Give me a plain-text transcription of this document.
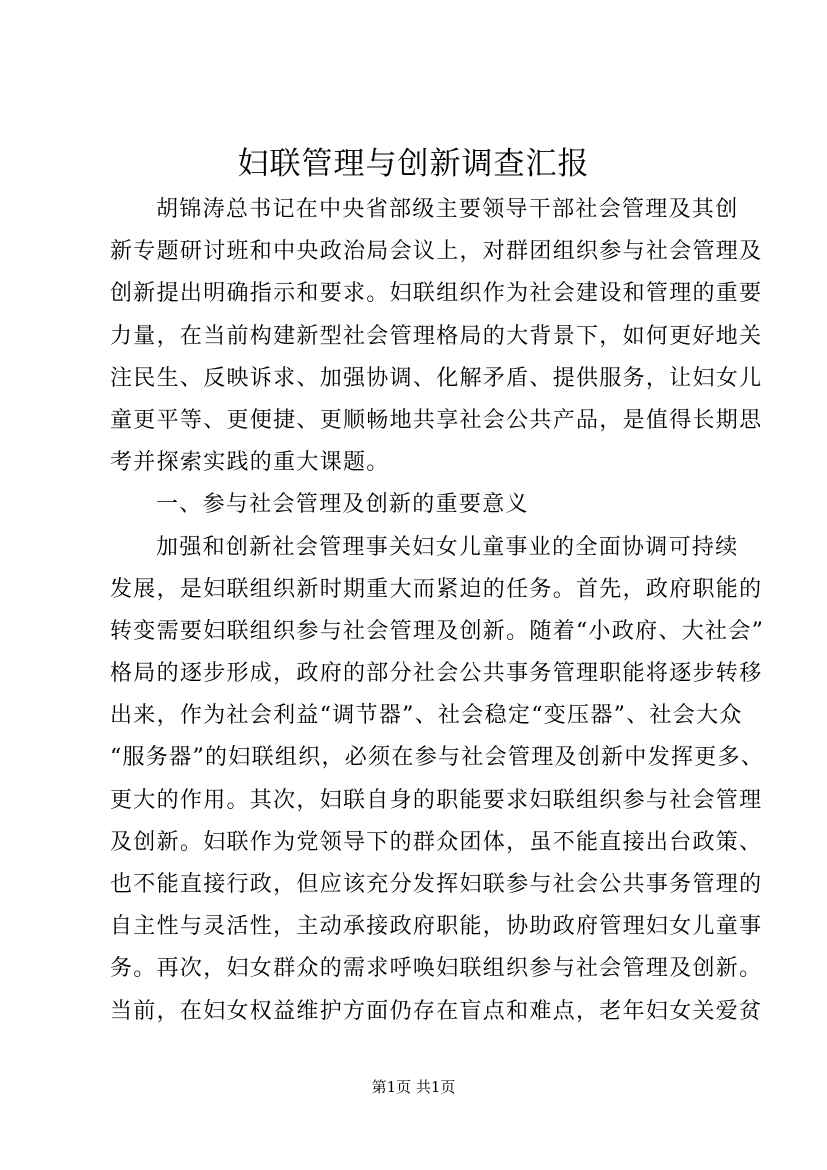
妇联管理与创新调查汇报
胡锦涛总书记在中央省部级主要领导干部社会管理及其创
新专题研讨班和中央政治局会议上，对群团组织参与社会管理及
创新提出明确指示和要求。妇联组织作为社会建设和管理的重要
力量，在当前构建新型社会管理格局的大背景下，如何更好地关
注民生、反映诉求、加强协调、化解矛盾、提供服务，让妇女儿
童更平等、更便捷、更顺畅地共享社会公共产品，是值得长期思
考并探索实践的重大课题。
一、参与社会管理及创新的重要意义
加强和创新社会管理事关妇女儿童事业的全面协调可持续
发展，是妇联组织新时期重大而紧迫的任务。首先，政府职能的
转变需要妇联组织参与社会管理及创新。随着“小政府、大社会”
格局的逐步形成，政府的部分社会公共事务管理职能将逐步转移
出来，作为社会利益“调节器”、社会稳定“变压器”、社会大众
“服务器”的妇联组织，必须在参与社会管理及创新中发挥更多、
更大的作用。其次，妇联自身的职能要求妇联组织参与社会管理
及创新。妇联作为党领导下的群众团体，虽不能直接出台政策、
也不能直接行政，但应该充分发挥妇联参与社会公共事务管理的
自主性与灵活性，主动承接政府职能，协助政府管理妇女儿童事
务。再次，妇女群众的需求呼唤妇联组织参与社会管理及创新。
当前，在妇女权益维护方面仍存在盲点和难点，老年妇女关爱贫
第1页 共1页
